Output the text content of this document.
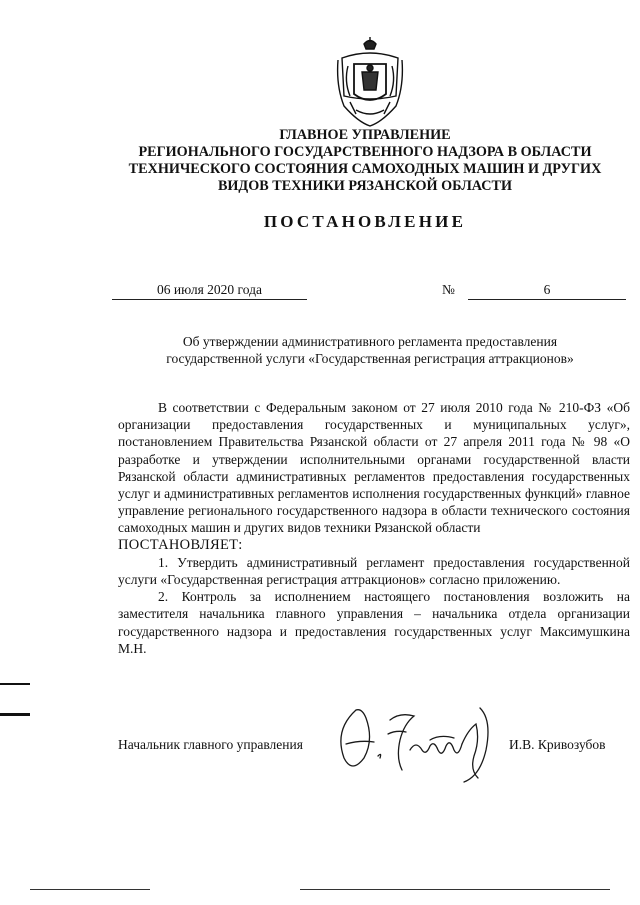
ГЛАВНОЕ УПРАВЛЕНИЕ
РЕГИОНАЛЬНОГО ГОСУДАРСТВЕННОГО НАДЗОРА В ОБЛАСТИ
ТЕХНИЧЕСКОГО СОСТОЯНИЯ САМОХОДНЫХ МАШИН И ДРУГИХ
ВИДОВ ТЕХНИКИ РЯЗАНСКОЙ ОБЛАСТИ
ПОСТАНОВЛЕНИЕ
06 июля 2020 года	№	6
Об утверждении административного регламента предоставления
государственной услуги «Государственная регистрация аттракционов»

В соответствии с Федеральным законом от 27 июля 2010 года № 210-ФЗ «Об организации предоставления государственных и муниципальных услуг», постановлением Правительства Рязанской области от 27 апреля 2011 года № 98 «О разработке и утверждении исполнительными органами государственной власти Рязанской области административных регламентов предоставления государственных услуг и административных регламентов исполнения государственных функций» главное управление регионального государственного надзора в области технического состояния самоходных машин и других видов техники Рязанской области

ПОСТАНОВЛЯЕТ:

1. Утвердить административный регламент предоставления государственной услуги «Государственная регистрация аттракционов» согласно приложению.

2. Контроль за исполнением настоящего постановления возложить на заместителя начальника главного управления – начальника отдела организации государственного надзора и предоставления государственных услуг Максимушкина М.Н.

Начальник главного управления	И.В. Кривозубов
